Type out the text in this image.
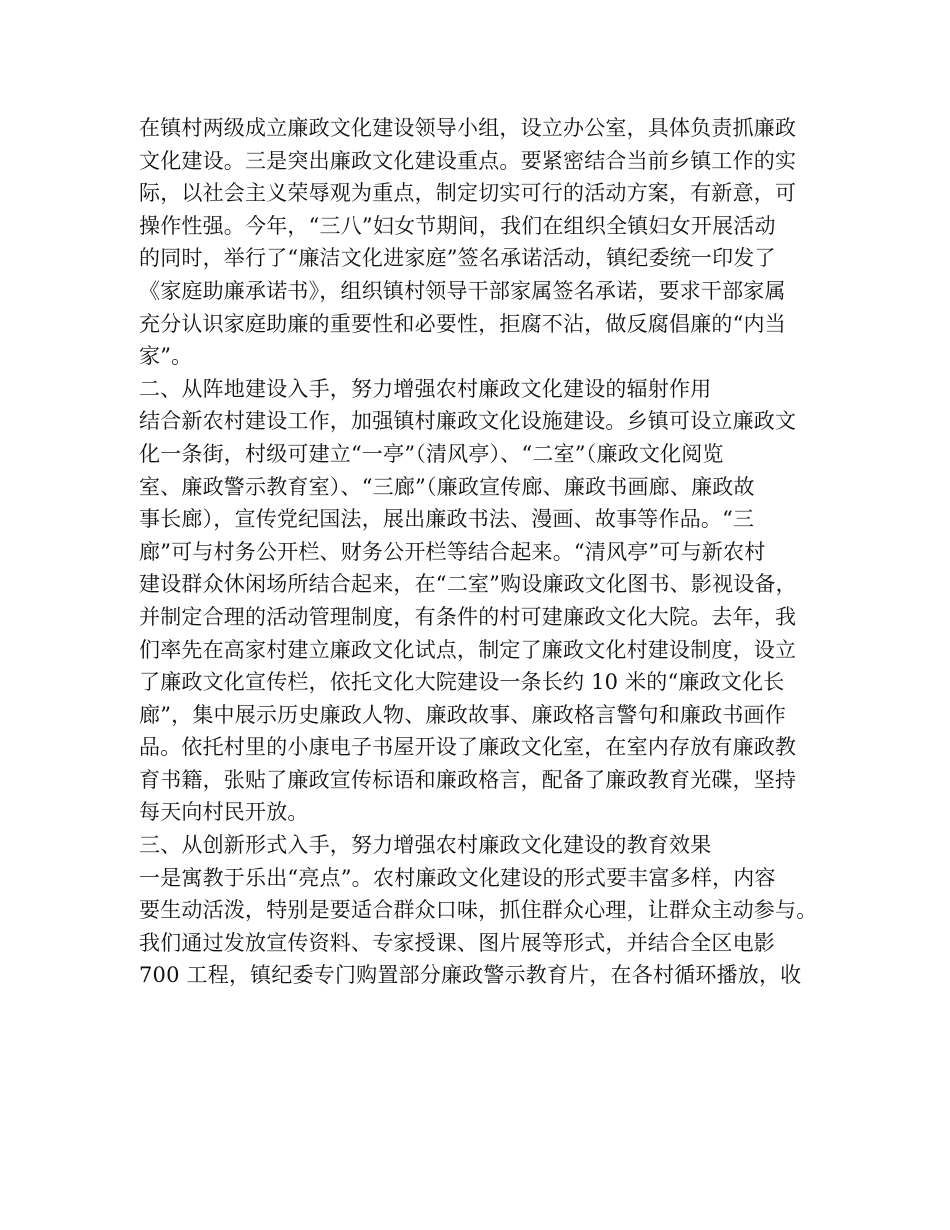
在镇村两级成立廉政文化建设领导小组，设立办公室，具体负责抓廉政
文化建设。三是突出廉政文化建设重点。要紧密结合当前乡镇工作的实
际，以社会主义荣辱观为重点，制定切实可行的活动方案，有新意，可
操作性强。今年，“三八”妇女节期间，我们在组织全镇妇女开展活动
的同时，举行了“廉洁文化进家庭”签名承诺活动，镇纪委统一印发了
《家庭助廉承诺书》，组织镇村领导干部家属签名承诺，要求干部家属
充分认识家庭助廉的重要性和必要性，拒腐不沾，做反腐倡廉的“内当
家”。
二、从阵地建设入手，努力增强农村廉政文化建设的辐射作用
结合新农村建设工作，加强镇村廉政文化设施建设。乡镇可设立廉政文
化一条街，村级可建立“一亭”（清风亭）、“二室”（廉政文化阅览
室、廉政警示教育室）、“三廊”（廉政宣传廊、廉政书画廊、廉政故
事长廊），宣传党纪国法，展出廉政书法、漫画、故事等作品。“三
廊”可与村务公开栏、财务公开栏等结合起来。“清风亭”可与新农村
建设群众休闲场所结合起来，在“二室”购设廉政文化图书、影视设备，
并制定合理的活动管理制度，有条件的村可建廉政文化大院。去年，我
们率先在高家村建立廉政文化试点，制定了廉政文化村建设制度，设立
了廉政文化宣传栏，依托文化大院建设一条长约 10 米的“廉政文化长
廊”，集中展示历史廉政人物、廉政故事、廉政格言警句和廉政书画作
品。依托村里的小康电子书屋开设了廉政文化室，在室内存放有廉政教
育书籍，张贴了廉政宣传标语和廉政格言，配备了廉政教育光碟，坚持
每天向村民开放。
三、从创新形式入手，努力增强农村廉政文化建设的教育效果
一是寓教于乐出“亮点”。农村廉政文化建设的形式要丰富多样，内容
要生动活泼，特别是要适合群众口味，抓住群众心理，让群众主动参与。
我们通过发放宣传资料、专家授课、图片展等形式，并结合全区电影
700 工程，镇纪委专门购置部分廉政警示教育片，在各村循环播放，收
